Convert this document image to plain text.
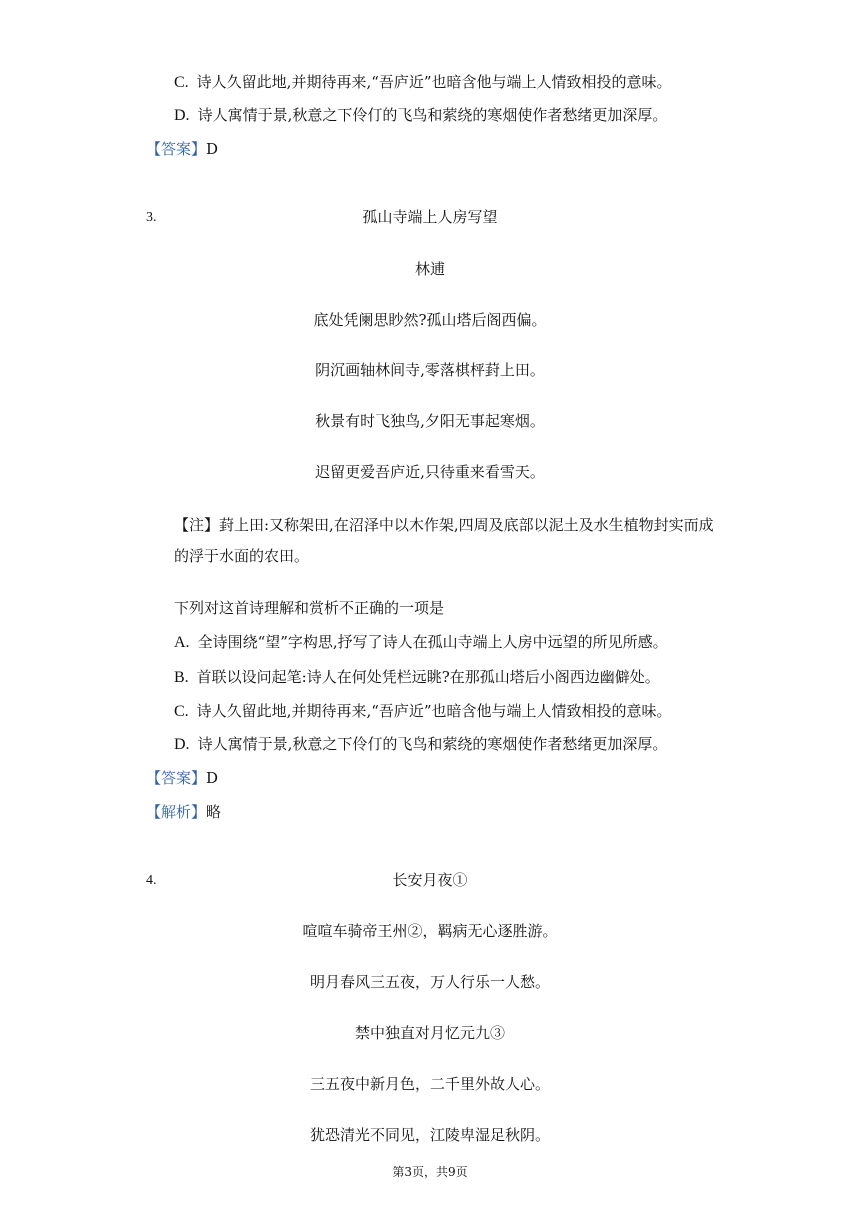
C. 诗人久留此地,并期待再来,“吾庐近”也暗含他与端上人情致相投的意味。
D. 诗人寓情于景,秋意之下伶仃的飞鸟和萦绕的寒烟使作者愁绪更加深厚。
【答案】D
3.	孤山寺端上人房写望
林逋
底处凭阑思眇然?孤山塔后阁西偏。
阴沉画轴林间寺,零落棋枰葑上田。
秋景有时飞独鸟,夕阳无事起寒烟。
迟留更爱吾庐近,只待重来看雪天。
【注】葑上田:又称架田,在沼泽中以木作架,四周及底部以泥土及水生植物封实而成
的浮于水面的农田。
下列对这首诗理解和赏析不正确的一项是
A. 全诗围绕“望”字构思,抒写了诗人在孤山寺端上人房中远望的所见所感。
B. 首联以设问起笔:诗人在何处凭栏远眺?在那孤山塔后小阁西边幽僻处。
C. 诗人久留此地,并期待再来,“吾庐近”也暗含他与端上人情致相投的意味。
D. 诗人寓情于景,秋意之下伶仃的飞鸟和萦绕的寒烟使作者愁绪更加深厚。
【答案】D
【解析】略
4.	长安月夜①
喧喧车骑帝王州②，羁病无心逐胜游。
明月春风三五夜，万人行乐一人愁。
禁中独直对月忆元九③
三五夜中新月色，二千里外故人心。
犹恐清光不同见，江陵卑湿足秋阴。
第3页，共9页
